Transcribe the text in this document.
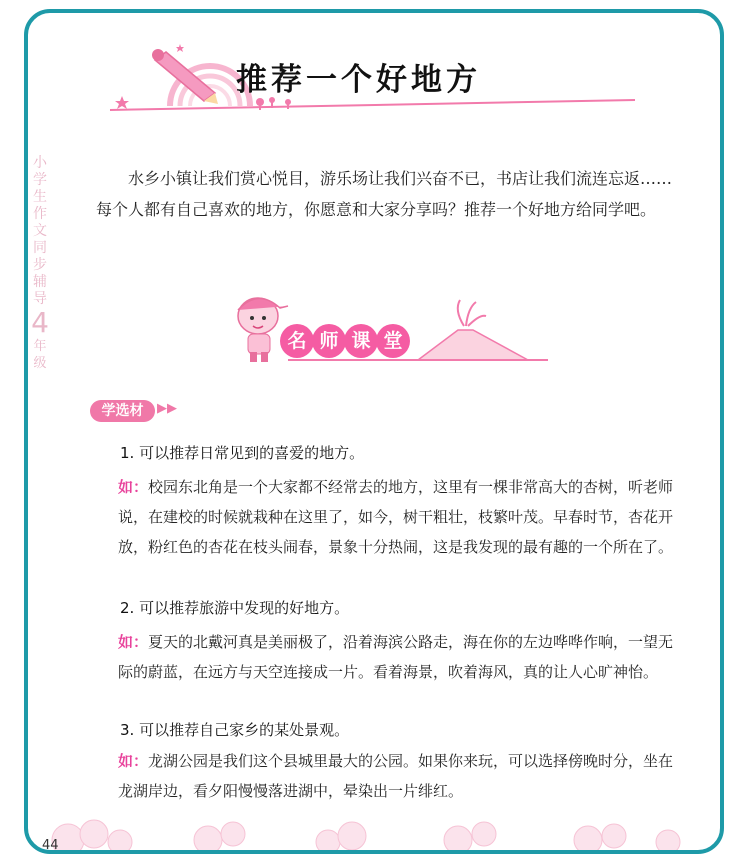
推荐一个好地方
小
学
生
作
文
同
步
辅
导
4
年
级
水乡小镇让我们赏心悦目，游乐场让我们兴奋不已，书店让我们流连忘返……每个人都有自己喜欢的地方，你愿意和大家分享吗？推荐一个好地方给同学吧。
名 师 课 堂
学选材	▶▶
1. 可以推荐日常见到的喜爱的地方。
如：校园东北角是一个大家都不经常去的地方，这里有一棵非常高大的杏树，听老师说，在建校的时候就栽种在这里了，如今，树干粗壮，枝繁叶茂。早春时节，杏花开放，粉红色的杏花在枝头闹春，景象十分热闹，这是我发现的最有趣的一个所在了。
2. 可以推荐旅游中发现的好地方。
如：夏天的北戴河真是美丽极了，沿着海滨公路走，海在你的左边哗哗作响，一望无际的蔚蓝，在远方与天空连接成一片。看着海景，吹着海风，真的让人心旷神怡。
3. 可以推荐自己家乡的某处景观。
如：龙湖公园是我们这个县城里最大的公园。如果你来玩，可以选择傍晚时分，坐在龙湖岸边，看夕阳慢慢落进湖中，晕染出一片绯红。
44
